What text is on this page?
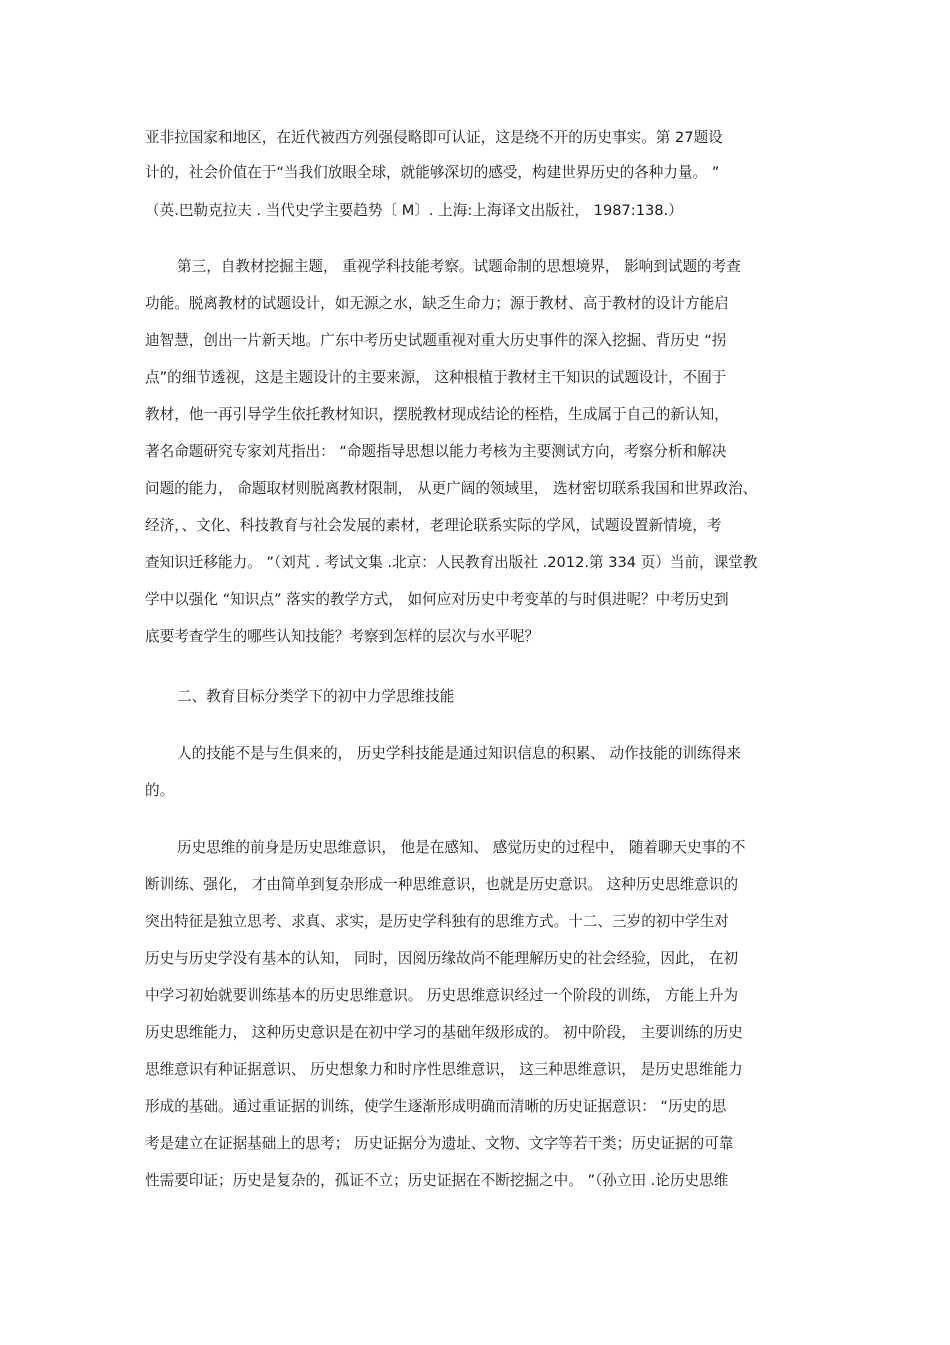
亚非拉国家和地区，在近代被西方列强侵略即可认证，这是绕不开的历史事实。第 27题设
计的，社会价值在于“当我们放眼全球，就能够深切的感受，构建世界历史的各种力量。 ”
（英.巴勒克拉夫 . 当代史学主要趋势〔 M〕. 上海:上海译文出版社， 1987:138.）
第三，自教材挖掘主题， 重视学科技能考察。试题命制的思想境界， 影响到试题的考查
功能。脱离教材的试题设计，如无源之水，缺乏生命力；源于教材、高于教材的设计方能启
迪智慧，创出一片新天地。广东中考历史试题重视对重大历史事件的深入挖掘、背历史 “拐
点”的细节透视，这是主题设计的主要来源， 这种根植于教材主干知识的试题设计，不囿于
教材，他一再引导学生依托教材知识，摆脱教材现成结论的桎梏，生成属于自己的新认知，
著名命题研究专家刘芃指出： “命题指导思想以能力考核为主要测试方向，考察分析和解决
问题的能力， 命题取材则脱离教材限制， 从更广阔的领域里， 选材密切联系我国和世界政治、
经济，、文化、科技教育与社会发展的素材，老理论联系实际的学风，试题设置新情境，考
查知识迁移能力。 ”（刘芃 . 考试文集 .北京：人民教育出版社 .2012.第 334 页）当前，课堂教
学中以强化 “知识点” 落实的教学方式， 如何应对历史中考变革的与时俱进呢？中考历史到
底要考查学生的哪些认知技能？考察到怎样的层次与水平呢？
二、教育目标分类学下的初中力学思维技能
人的技能不是与生俱来的， 历史学科技能是通过知识信息的积累、 动作技能的训练得来
的。
历史思维的前身是历史思维意识， 他是在感知、 感觉历史的过程中， 随着聊天史事的不
断训练、强化， 才由简单到复杂形成一种思维意识，也就是历史意识。 这种历史思维意识的
突出特征是独立思考、求真、求实，是历史学科独有的思维方式。十二、三岁的初中学生对
历史与历史学没有基本的认知， 同时，因阅历缘故尚不能理解历史的社会经验，因此， 在初
中学习初始就要训练基本的历史思维意识。 历史思维意识经过一个阶段的训练， 方能上升为
历史思维能力， 这种历史意识是在初中学习的基础年级形成的。 初中阶段， 主要训练的历史
思维意识有种证据意识、 历史想象力和时序性思维意识， 这三种思维意识， 是历史思维能力
形成的基础。通过重证据的训练，使学生逐渐形成明确而清晰的历史证据意识： “历史的思
考是建立在证据基础上的思考； 历史证据分为遗址、文物、文字等若干类；历史证据的可靠
性需要印证；历史是复杂的，孤证不立；历史证据在不断挖掘之中。 ”（孙立田 .论历史思维
